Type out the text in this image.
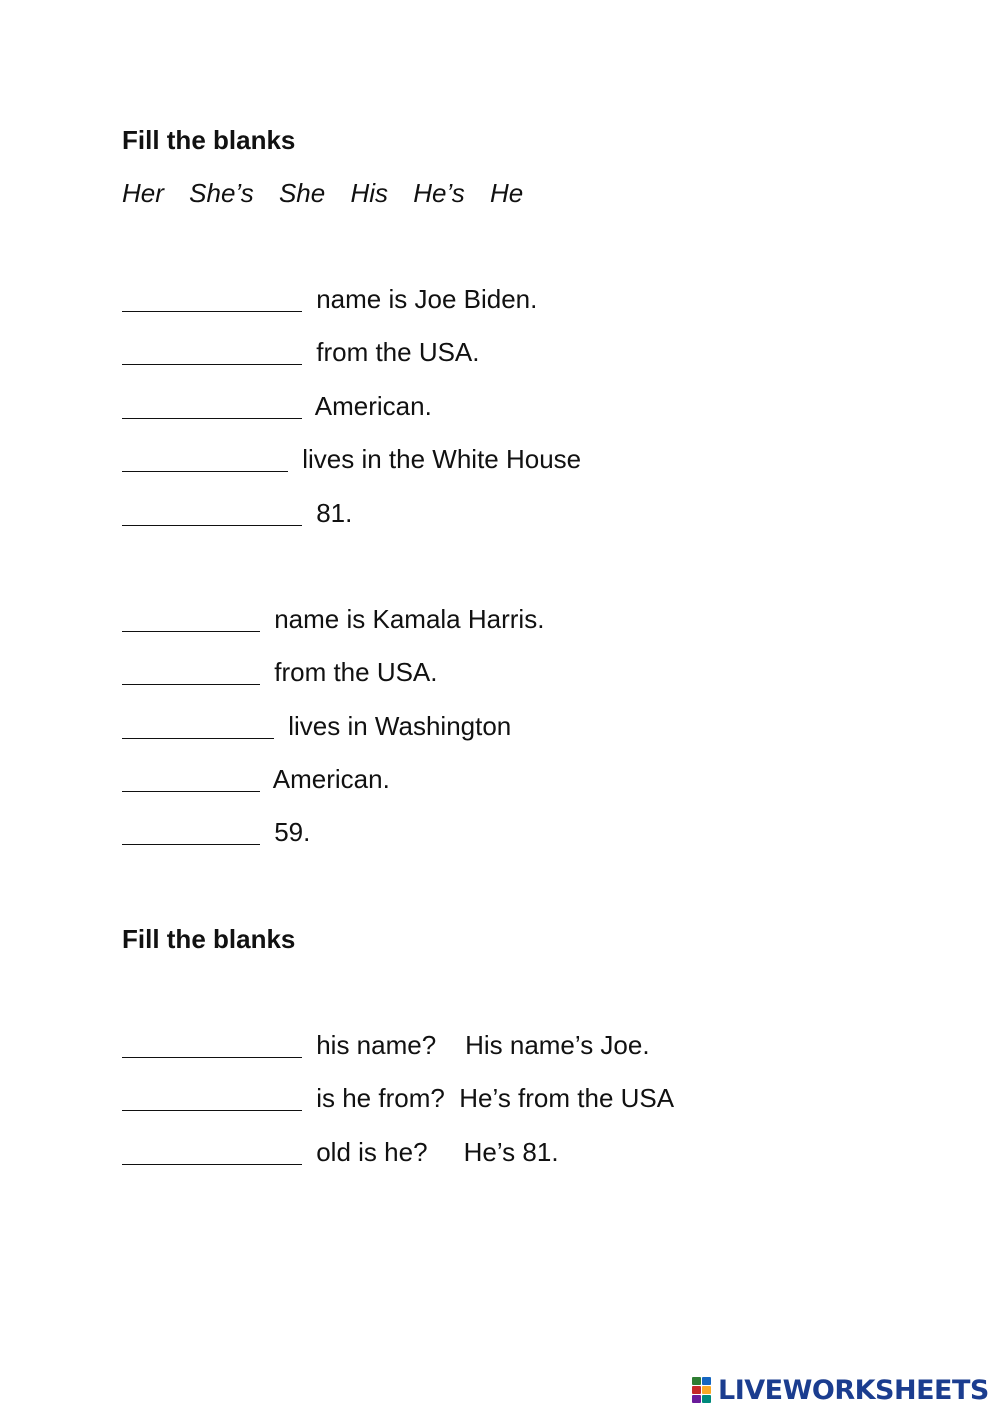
Fill the blanks
Her She’s She His He’s He
name is Joe Biden.
from the USA.
American.
lives in the White House
81.
name is Kamala Harris.
from the USA.
lives in Washington
American.
59.
Fill the blanks
his name?    His name’s Joe.
is he from?  He’s from the USA
old is he?     He’s 81.
LIVEWORKSHEETS
